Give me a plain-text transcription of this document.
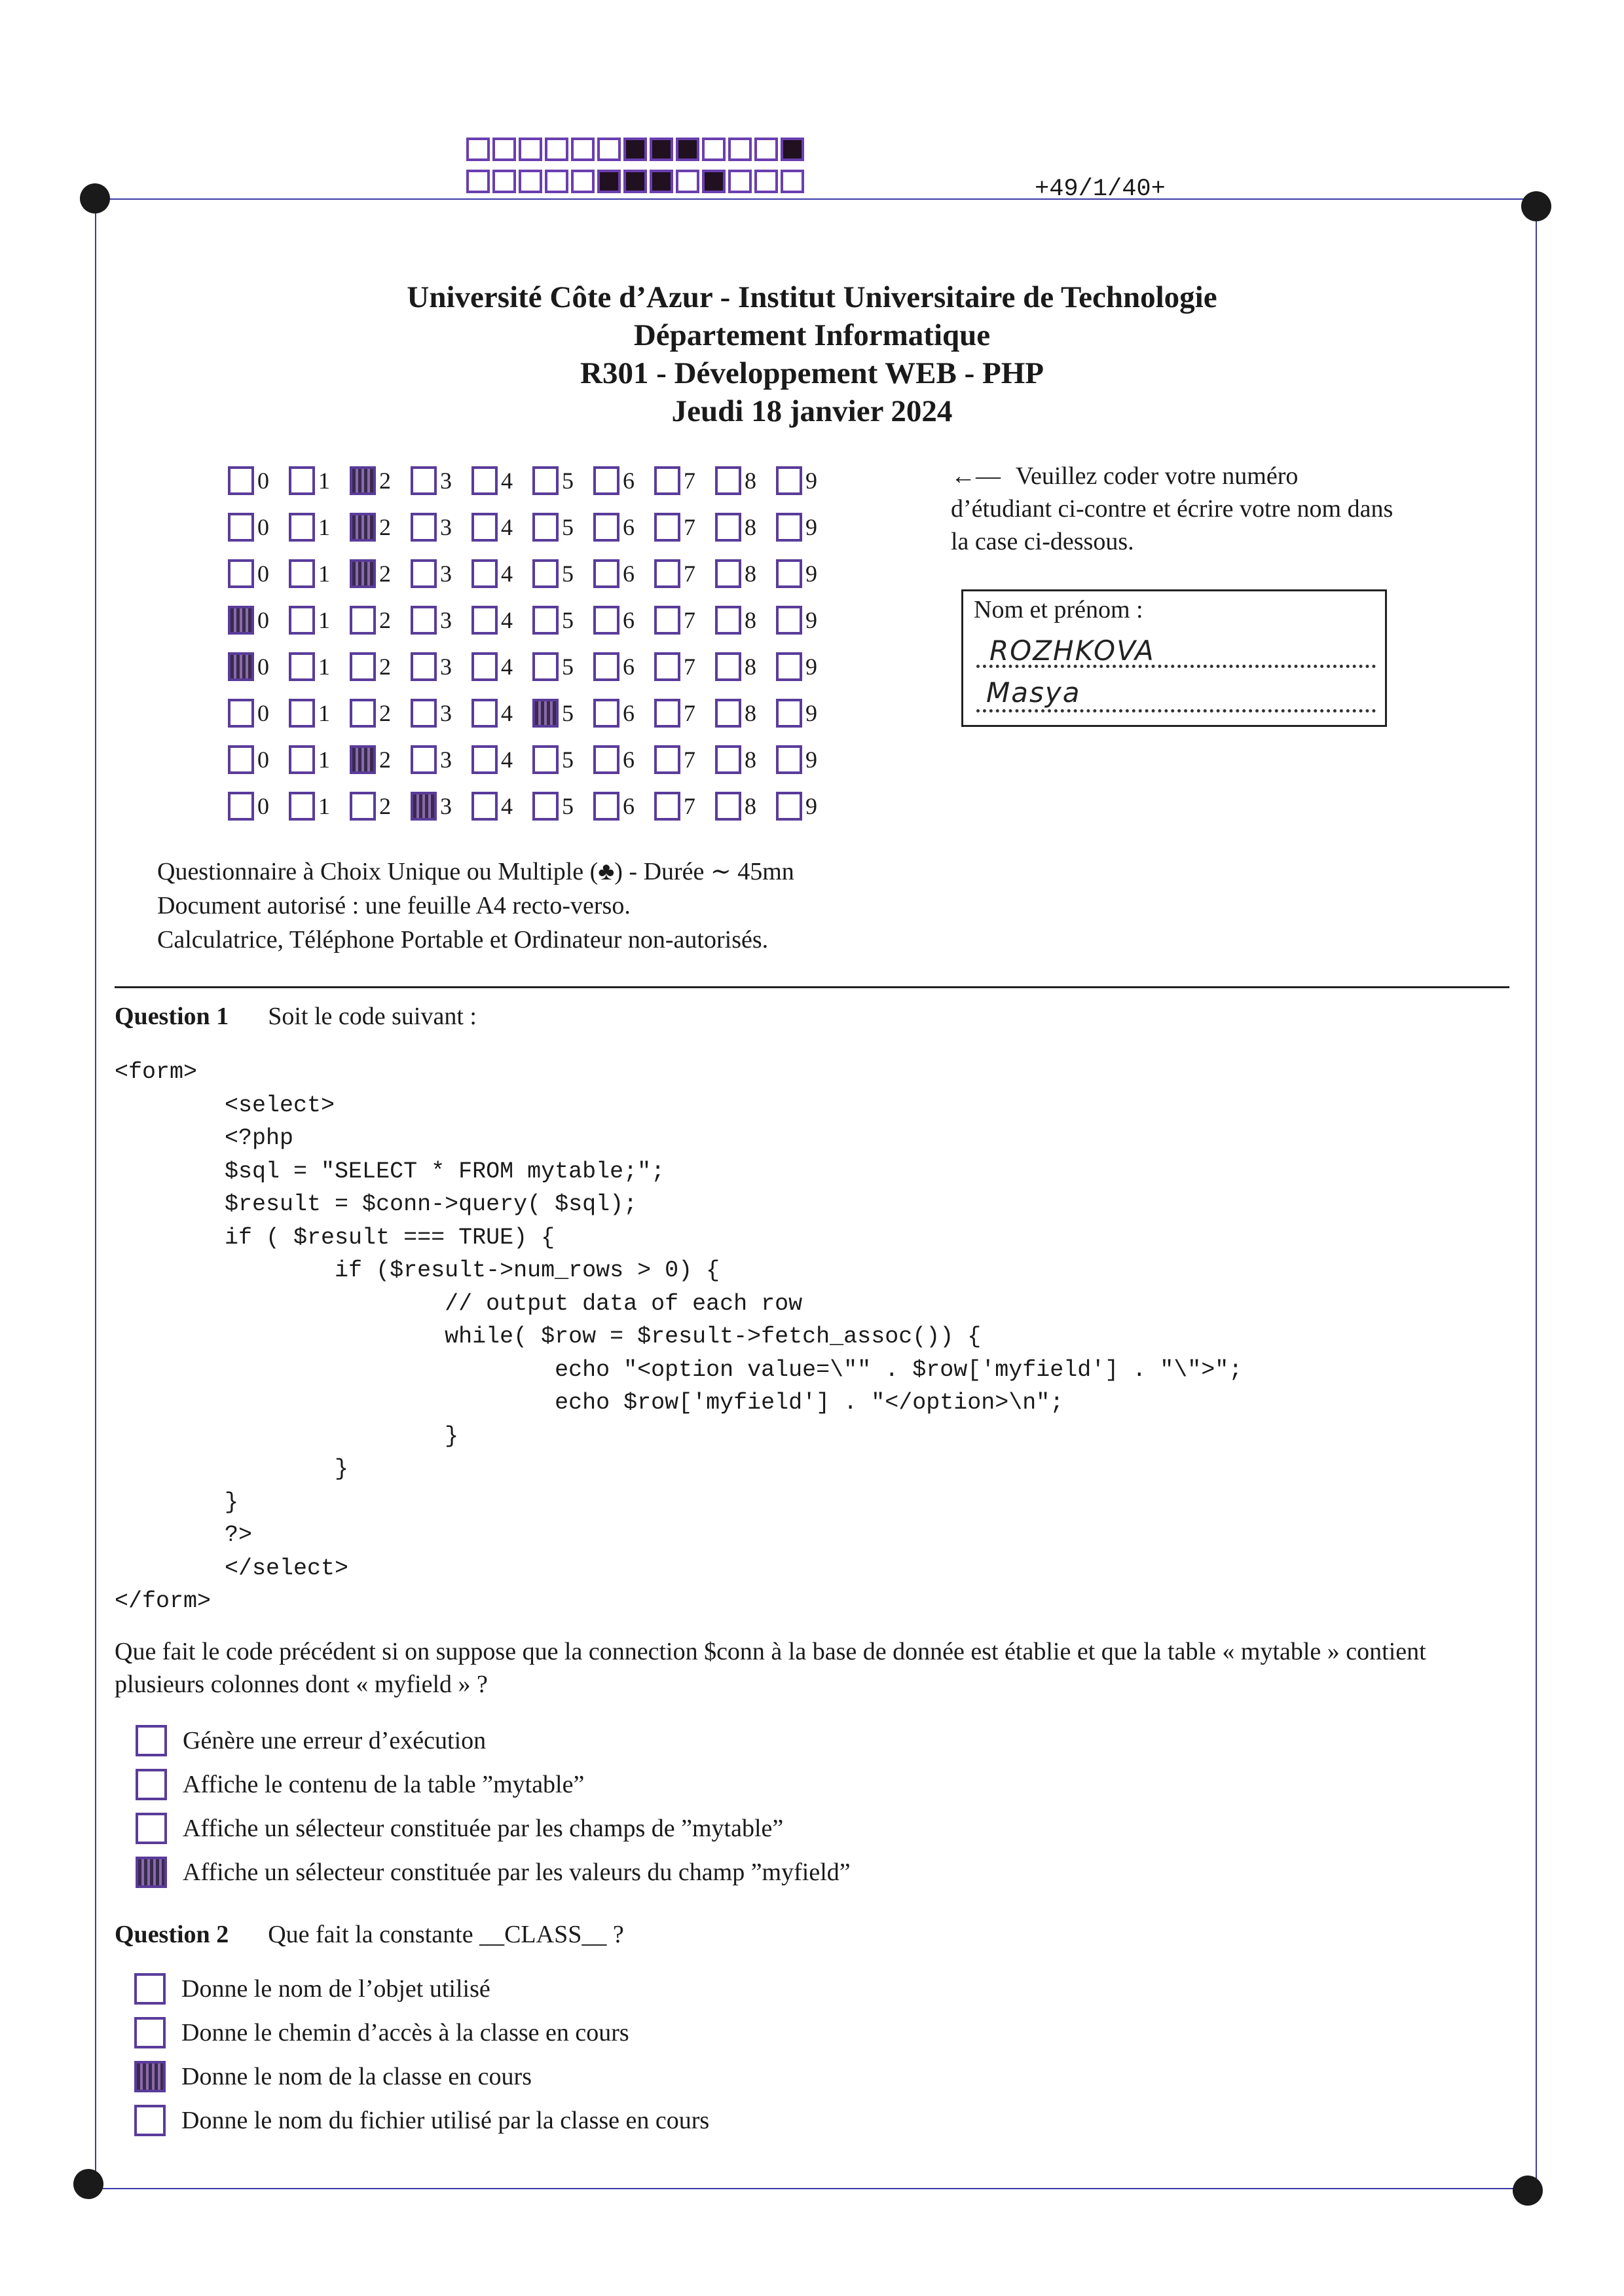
+49/1/40+
Université Côte d’Azur - Institut Universitaire de Technologie
Département Informatique
R301 - Développement WEB - PHP
Jeudi 18 janvier 2024
0 1 2 3 4 5 6 7 8 9
0 1 2 3 4 5 6 7 8 9
0 1 2 3 4 5 6 7 8 9
0 1 2 3 4 5 6 7 8 9
0 1 2 3 4 5 6 7 8 9
0 1 2 3 4 5 6 7 8 9
0 1 2 3 4 5 6 7 8 9
0 1 2 3 4 5 6 7 8 9
←— Veuillez coder votre numéro d’étudiant ci-contre et écrire votre nom dans la case ci-dessous.
Nom et prénom :
ROZHKOVA
Masya
Questionnaire à Choix Unique ou Multiple (♣) - Durée ∼ 45mn
Document autorisé : une feuille A4 recto-verso.
Calculatrice, Téléphone Portable et Ordinateur non-autorisés.
Question 1 Soit le code suivant :
<form>
<select>
<?php
$sql = "SELECT * FROM mytable;";
$result = $conn->query( $sql);
if ( $result === TRUE) {
if ($result->num_rows > 0) {
// output data of each row
while( $row = $result->fetch_assoc()) {
echo "<option value=\"" . $row['myfield'] . "\">";
echo $row['myfield'] . "</option>\n";
}
}
}
?>
</select>
</form>
Que fait le code précédent si on suppose que la connection $conn à la base de donnée est établie et que la table « mytable » contient plusieurs colonnes dont « myfield » ?
Génère une erreur d’exécution
Affiche le contenu de la table ”mytable”
Affiche un sélecteur constituée par les champs de ”mytable”
Affiche un sélecteur constituée par les valeurs du champ ”myfield”
Question 2 Que fait la constante __CLASS__ ?
Donne le nom de l’objet utilisé
Donne le chemin d’accès à la classe en cours
Donne le nom de la classe en cours
Donne le nom du fichier utilisé par la classe en cours
